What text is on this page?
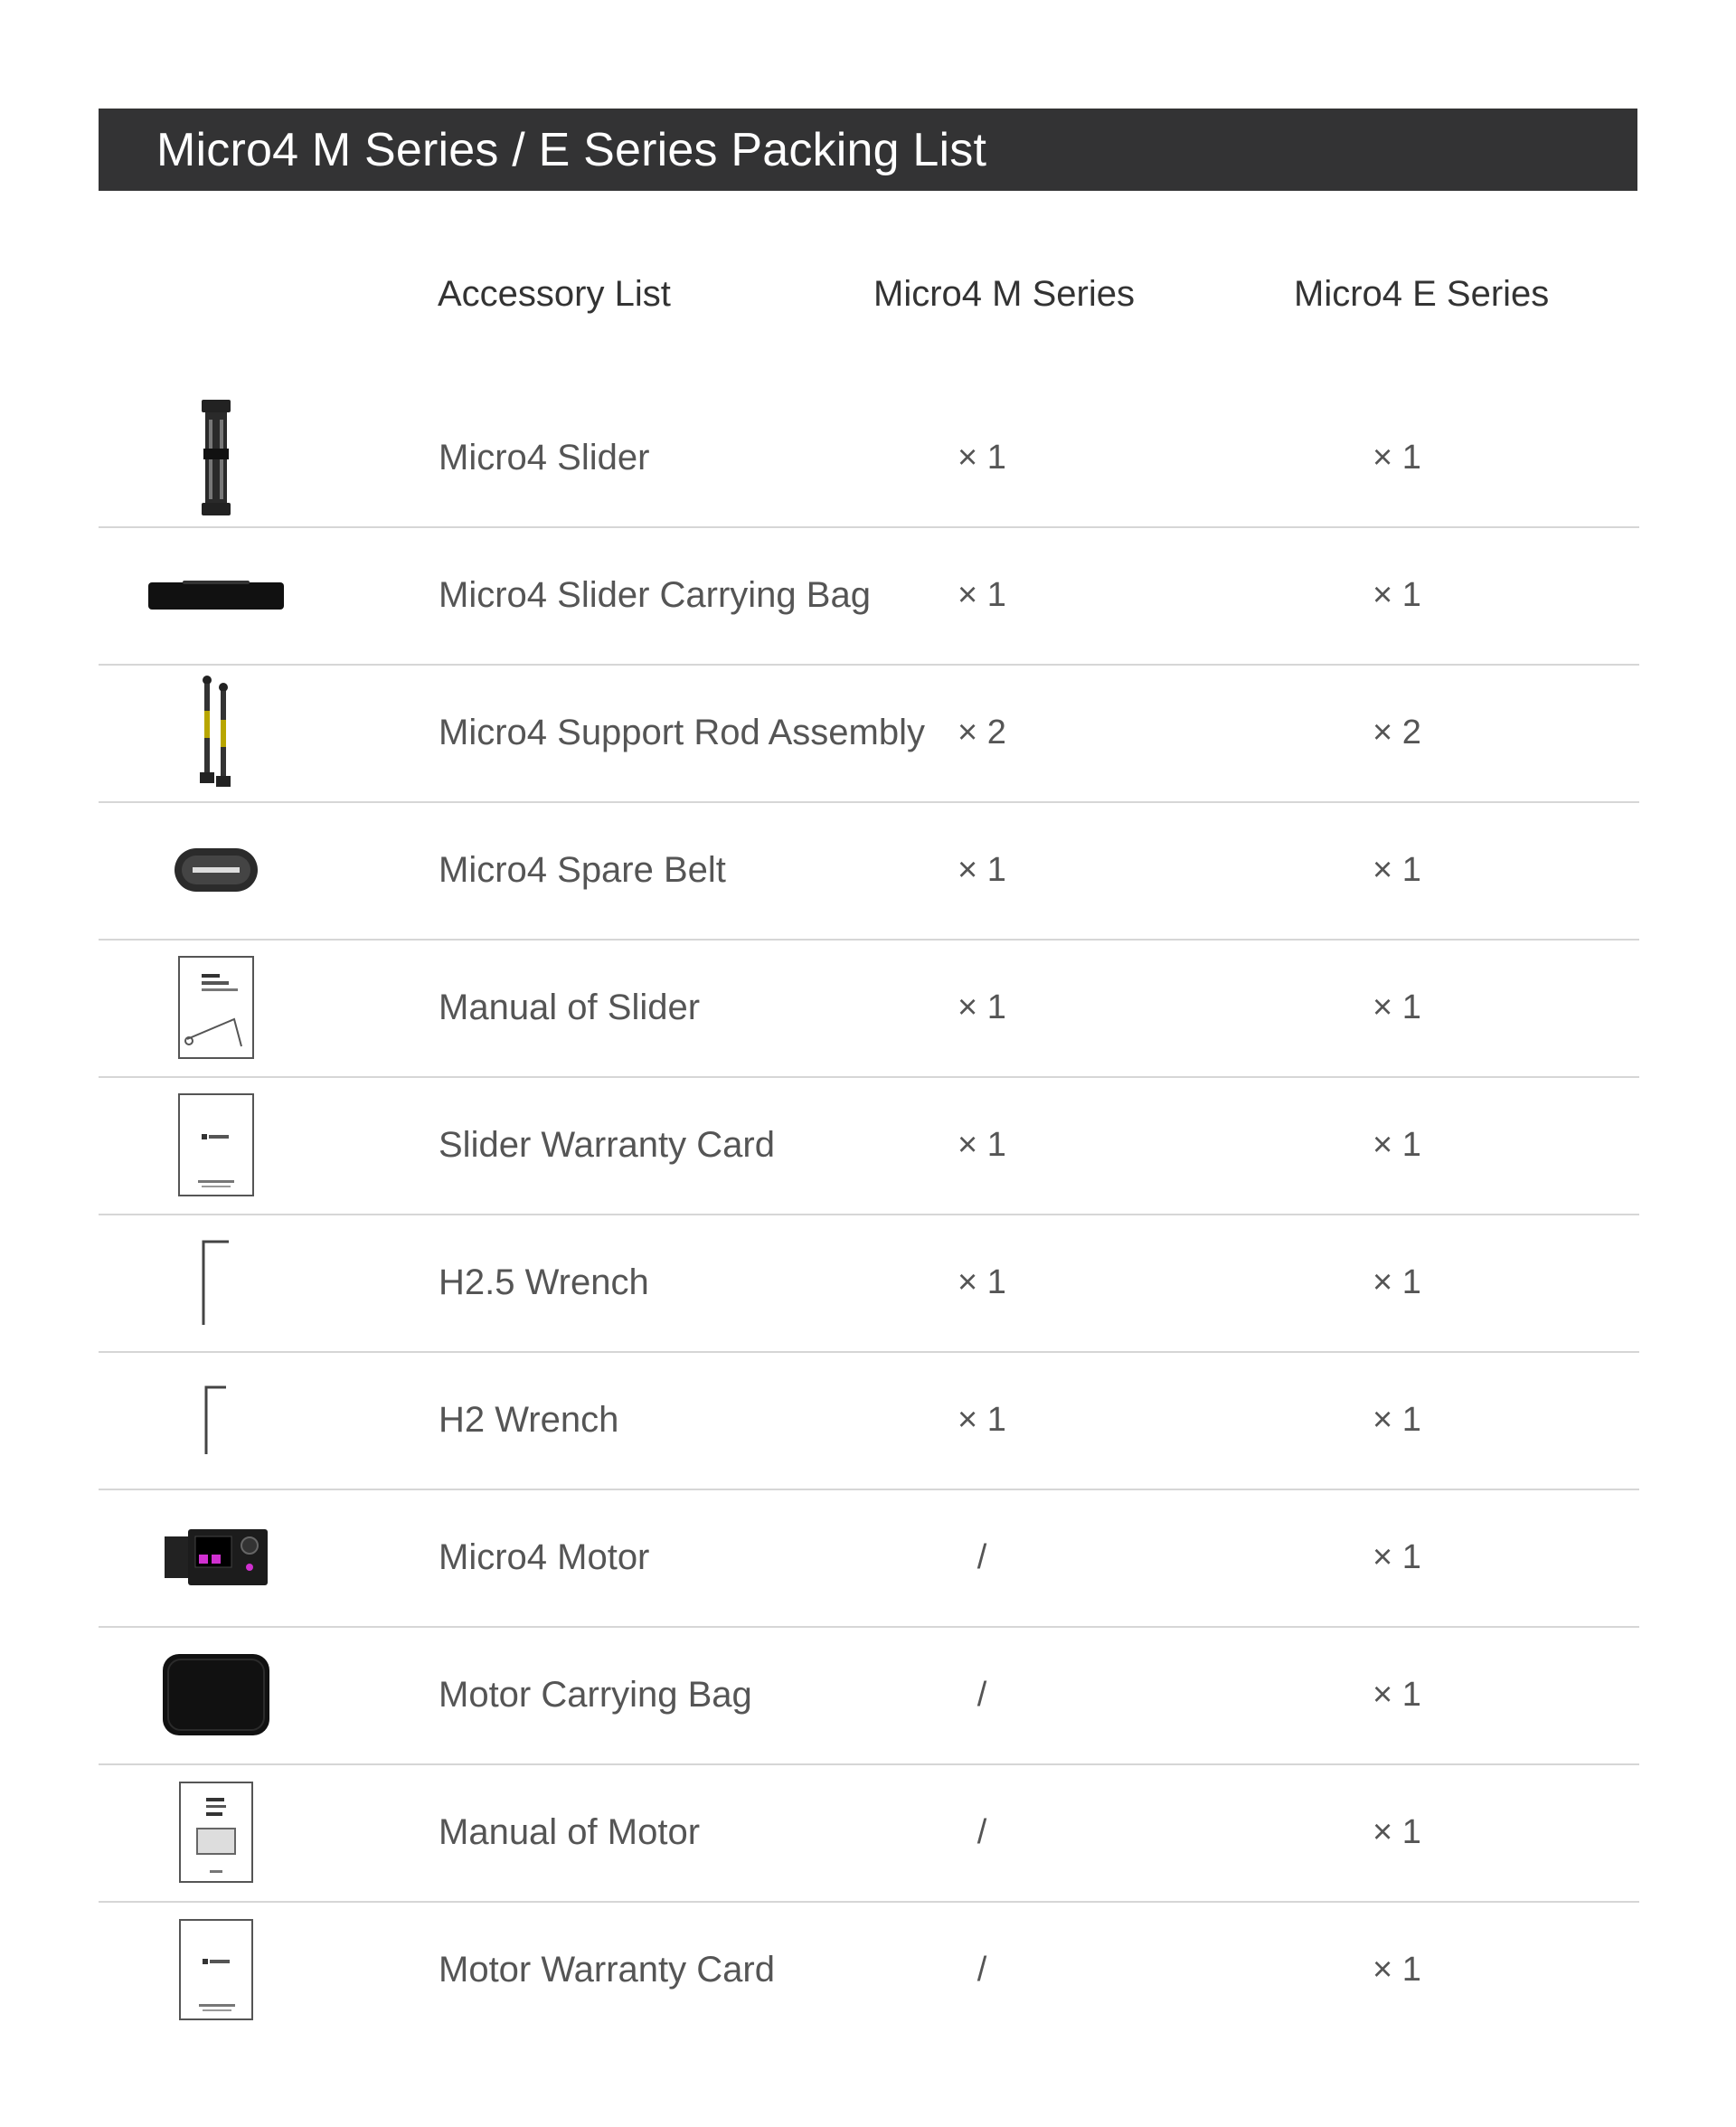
Micro4 M Series / E Series Packing List
Accessory List	Micro4 M Series	Micro4 E Series
Micro4 Slider	× 1	× 1
Micro4 Slider Carrying Bag	× 1	× 1
Micro4 Support Rod Assembly × 2	× 2
Micro4 Spare Belt	× 1	× 1
Manual of Slider	× 1	× 1
Slider Warranty Card	× 1	× 1
H2.5 Wrench	× 1	× 1
H2 Wrench	× 1	× 1
Micro4 Motor	/	× 1
Motor Carrying Bag	/	× 1
Manual of Motor	/	× 1
Motor Warranty Card	/	× 1
